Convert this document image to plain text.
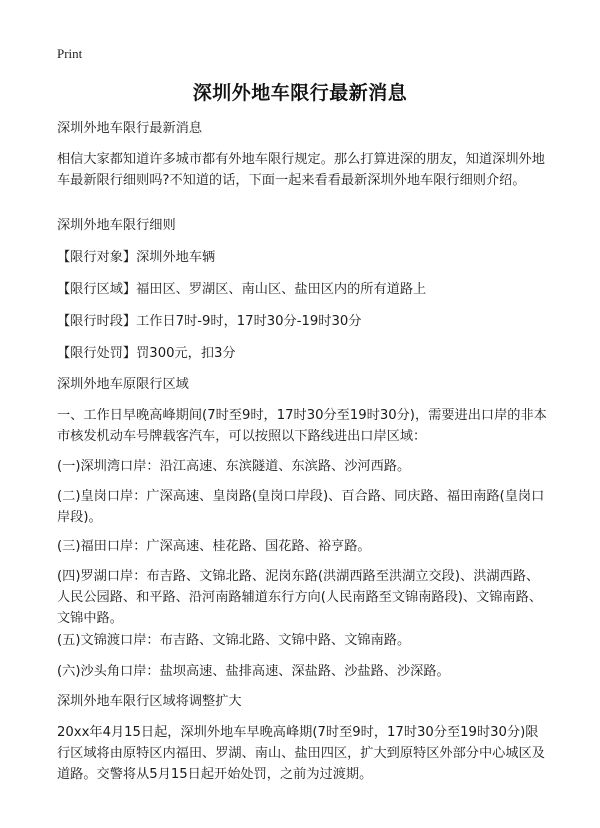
Print
深圳外地车限行最新消息
深圳外地车限行最新消息
相信大家都知道许多城市都有外地车限行规定。那么打算进深的朋友，知道深圳外地车最新限行细则吗?不知道的话，下面一起来看看最新深圳外地车限行细则介绍。
深圳外地车限行细则
【限行对象】深圳外地车辆
【限行区域】福田区、罗湖区、南山区、盐田区内的所有道路上
【限行时段】工作日7时-9时，17时30分-19时30分
【限行处罚】罚300元，扣3分
深圳外地车原限行区域
一、工作日早晚高峰期间(7时至9时，17时30分至19时30分)，需要进出口岸的非本市核发机动车号牌载客汽车，可以按照以下路线进出口岸区域：
(一)深圳湾口岸：沿江高速、东滨隧道、东滨路、沙河西路。
(二)皇岗口岸：广深高速、皇岗路(皇岗口岸段)、百合路、同庆路、福田南路(皇岗口岸段)。
(三)福田口岸：广深高速、桂花路、国花路、裕亨路。
(四)罗湖口岸：布吉路、文锦北路、泥岗东路(洪湖西路至洪湖立交段)、洪湖西路、人民公园路、和平路、沿河南路辅道东行方向(人民南路至文锦南路段)、文锦南路、文锦中路。
(五)文锦渡口岸：布吉路、文锦北路、文锦中路、文锦南路。
(六)沙头角口岸：盐坝高速、盐排高速、深盐路、沙盐路、沙深路。
深圳外地车限行区域将调整扩大
20xx年4月15日起，深圳外地车早晚高峰期(7时至9时，17时30分至19时30分)限行区域将由原特区内福田、罗湖、南山、盐田四区，扩大到原特区外部分中心城区及道路。交警将从5月15日起开始处罚，之前为过渡期。
